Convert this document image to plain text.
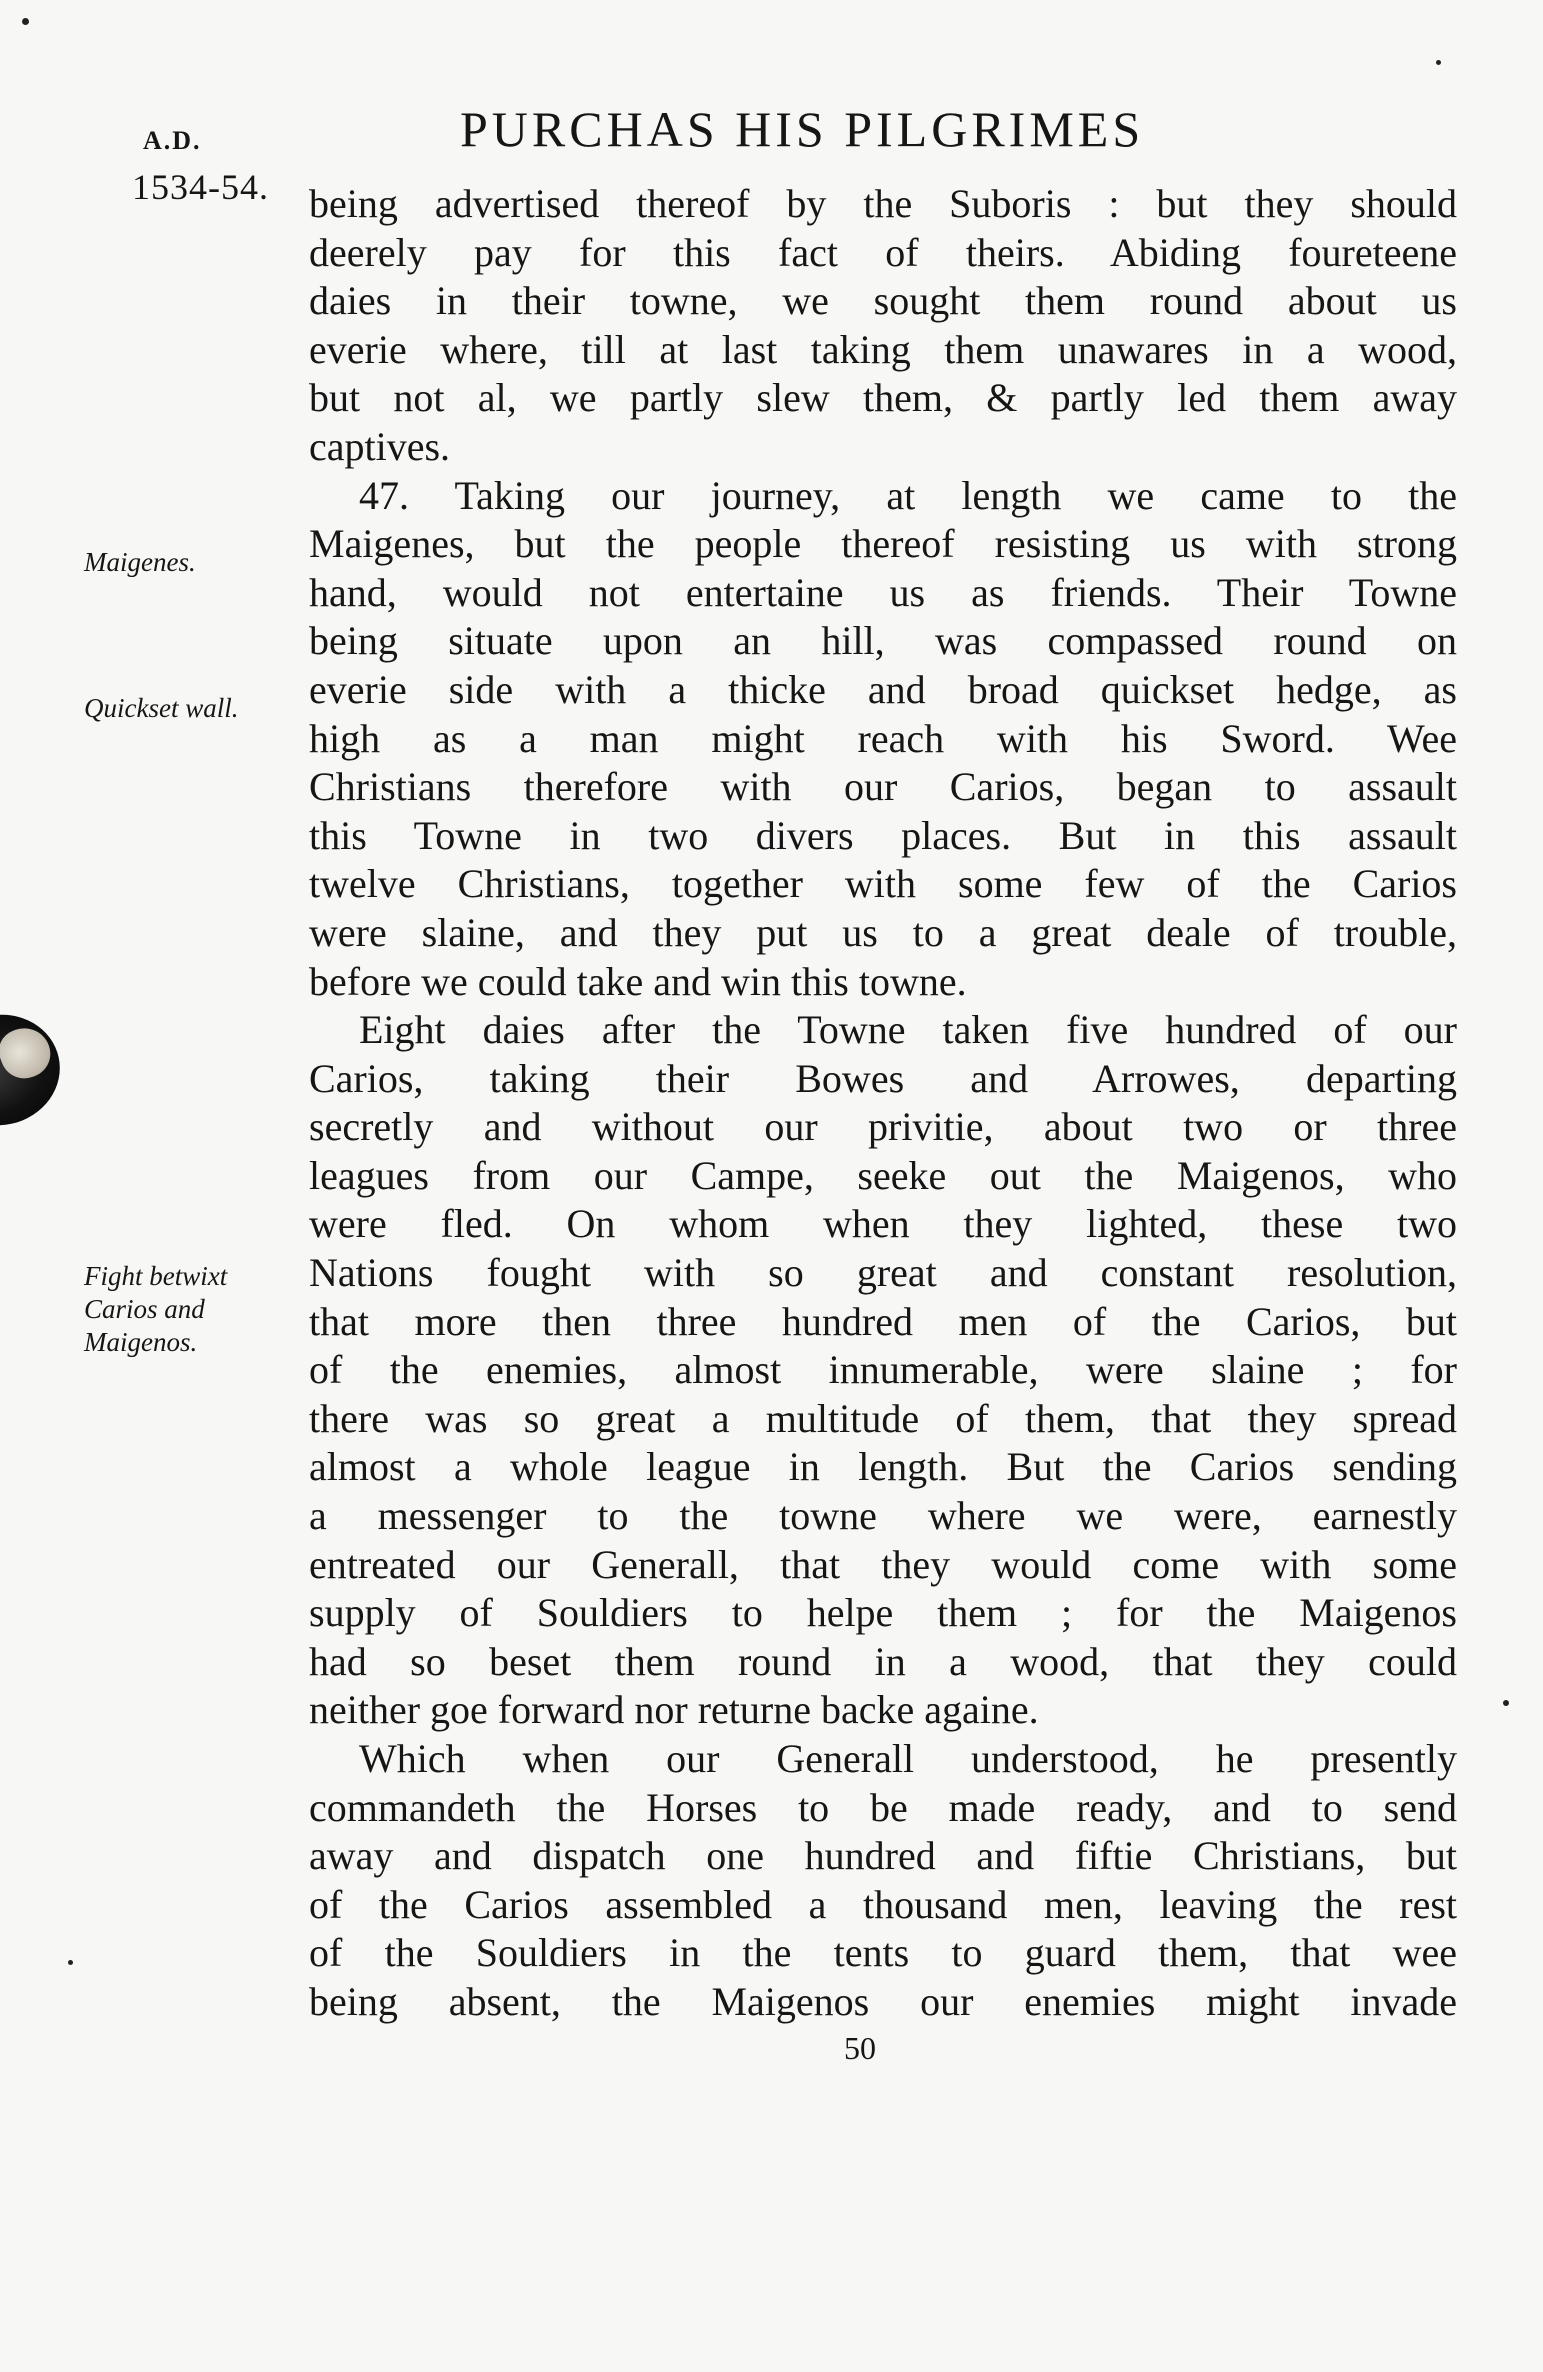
A.D.
1534-54.
PURCHAS HIS PILGRIMES
Maigenes.
Quickset wall.
Fight betwixt
Carios and
Maigenos.
being advertised thereof by the Suboris : but they should
deerely pay for this fact of theirs. Abiding foureteene
daies in their towne, we sought them round about us
everie where, till at last taking them unawares in a wood,
but not al, we partly slew them, & partly led them away
captives.
47. Taking our journey, at length we came to the
Maigenes, but the people thereof resisting us with strong
hand, would not entertaine us as friends. Their Towne
being situate upon an hill, was compassed round on
everie side with a thicke and broad quickset hedge, as
high as a man might reach with his Sword. Wee
Christians therefore with our Carios, began to assault
this Towne in two divers places. But in this assault
twelve Christians, together with some few of the Carios
were slaine, and they put us to a great deale of trouble,
before we could take and win this towne.
Eight daies after the Towne taken five hundred of our
Carios, taking their Bowes and Arrowes, departing
secretly and without our privitie, about two or three
leagues from our Campe, seeke out the Maigenos, who
were fled. On whom when they lighted, these two
Nations fought with so great and constant resolution,
that more then three hundred men of the Carios, but
of the enemies, almost innumerable, were slaine ; for
there was so great a multitude of them, that they spread
almost a whole league in length. But the Carios sending
a messenger to the towne where we were, earnestly
entreated our Generall, that they would come with some
supply of Souldiers to helpe them ; for the Maigenos
had so beset them round in a wood, that they could
neither goe forward nor returne backe againe.
Which when our Generall understood, he presently
commandeth the Horses to be made ready, and to send
away and dispatch one hundred and fiftie Christians, but
of the Carios assembled a thousand men, leaving the rest
of the Souldiers in the tents to guard them, that wee
being absent, the Maigenos our enemies might invade
50
